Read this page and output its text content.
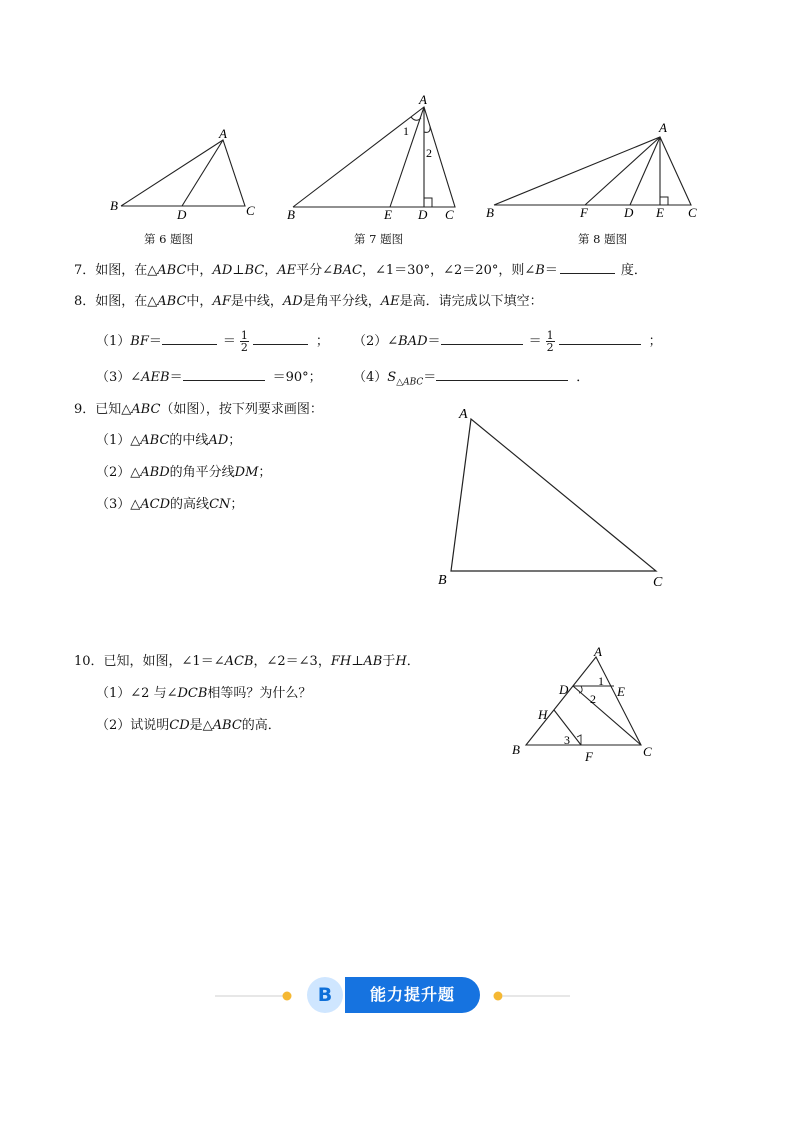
A
B
D	C
第 6 题图
A
B	E D C
1
2
第 7 题图
A
B	F	D E C
第 8 题图
7．如图，在△ABC中，AD⊥BC，AE平分∠BAC，∠1＝30°，∠2＝20°，则∠B＝	度．
8．如图，在△ABC中，AF是中线，AD是角平分线，AE是高．请完成以下填空：
（1）BF＝	＝ $\frac{1}{2}$	； （2）∠BAD＝	＝ $\frac{1}{2}$	；
（3）∠AEB＝	＝90°； $(4)S_{\triangle ABC}=$	．
9．已知△ABC（如图），按下列要求画图：
（1）△ABC的中线AD；
（2）△ABD的角平分线DM；
（3）△ACD的高线CN；
A
B	C
10．已知，如图，∠1＝∠ACB，∠2＝∠3，FH⊥AB于H．
（1）∠2 与∠DCB相等吗？为什么？
（2）试说明CD是△ABC的高．
A
D	E
H
B	F	C
1
2
3
B	能力提升题
